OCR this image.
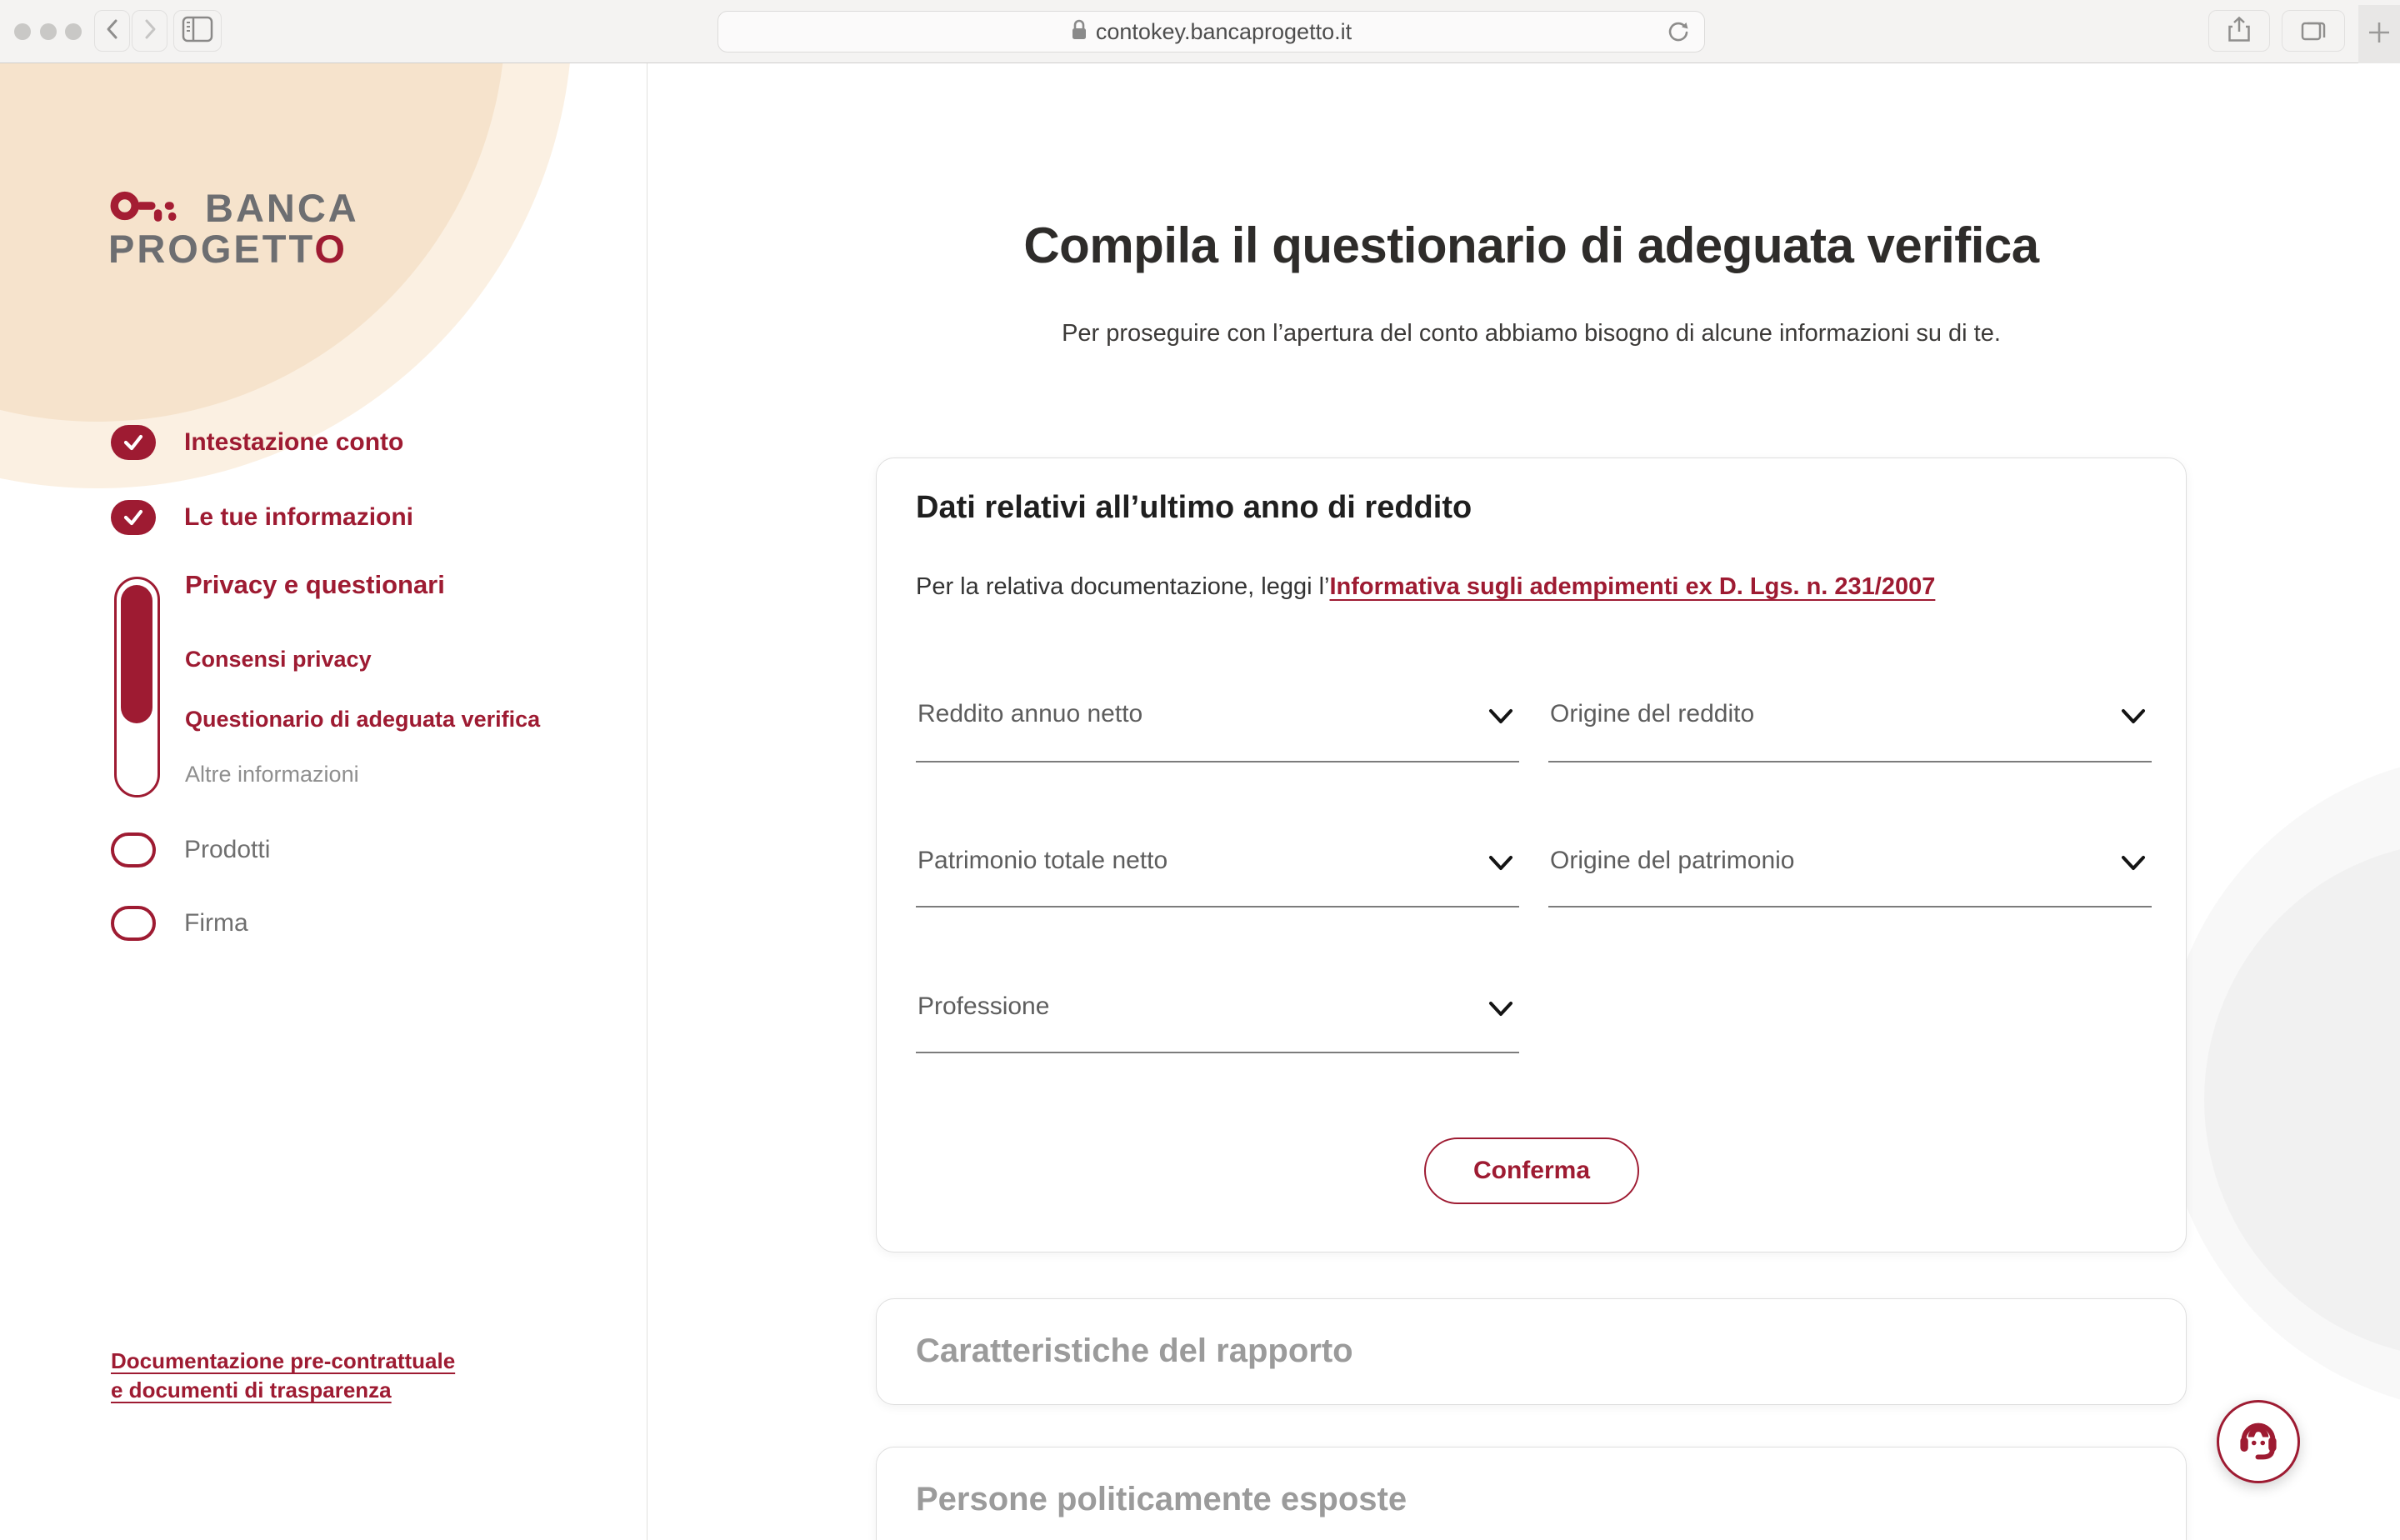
contokey.bancaprogetto.it
BANCA
PROGETTO
Intestazione conto
Le tue informazioni
Privacy e questionari
Consensi privacy
Questionario di adeguata verifica
Altre informazioni
Prodotti
Firma
Documentazione pre-contrattuale
e documenti di trasparenza
Compila il questionario di adeguata verifica
Per proseguire con l’apertura del conto abbiamo bisogno di alcune informazioni su di te.
Dati relativi all’ultimo anno di reddito
Per la relativa documentazione, leggi l’Informativa sugli adempimenti ex D. Lgs. n. 231/2007
Reddito annuo netto	Origine del reddito
Patrimonio totale netto	Origine del patrimonio
Professione
Conferma
Caratteristiche del rapporto
Persone politicamente esposte
